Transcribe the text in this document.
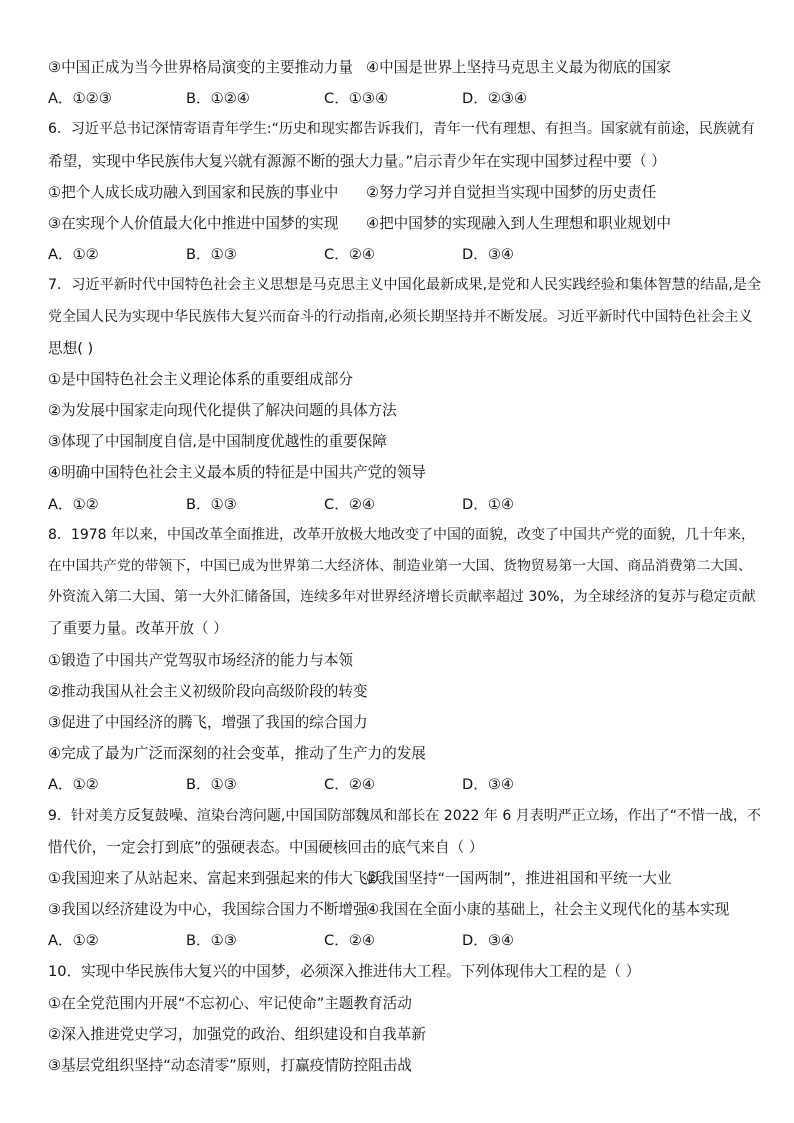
③中国正成为当今世界格局演变的主要推动力量 ④中国是世界上坚持马克思主义最为彻底的国家
A．①②③	B．①②④	C．①③④	D．②③④
6．习近平总书记深情寄语青年学生:“历史和现实都告诉我们，青年一代有理想、有担当。国家就有前途，民族就有
希望，实现中华民族伟大复兴就有源源不断的强大力量。”启示青少年在实现中国梦过程中要（ ）
①把个人成长成功融入到国家和民族的事业中	②努力学习并自觉担当实现中国梦的历史责任
③在实现个人价值最大化中推进中国梦的实现	④把中国梦的实现融入到人生理想和职业规划中
A．①②	B．①③	C．②④	D．③④
7．习近平新时代中国特色社会主义思想是马克思主义中国化最新成果,是党和人民实践经验和集体智慧的结晶,是全
党全国人民为实现中华民族伟大复兴而奋斗的行动指南,必须长期坚持并不断发展。习近平新时代中国特色社会主义
思想( )
①是中国特色社会主义理论体系的重要组成部分
②为发展中国家走向现代化提供了解决问题的具体方法
③体现了中国制度自信,是中国制度优越性的重要保障
④明确中国特色社会主义最本质的特征是中国共产党的领导
A．①②	B．①③	C．②④	D．①④
8．1978 年以来，中国改革全面推进，改革开放极大地改变了中国的面貌，改变了中国共产党的面貌，几十年来，
在中国共产党的带领下，中国已成为世界第二大经济体、制造业第一大国、货物贸易第一大国、商品消费第二大国、
外资流入第二大国、第一大外汇储备国，连续多年对世界经济增长贡献率超过 30%，为全球经济的复苏与稳定贡献
了重要力量。改革开放（ ）
①锻造了中国共产党驾驭市场经济的能力与本领
②推动我国从社会主义初级阶段向高级阶段的转变
③促进了中国经济的腾飞，增强了我国的综合国力
④完成了最为广泛而深刻的社会变革，推动了生产力的发展
A．①②	B．①③	C．②④	D．③④
9．针对美方反复鼓噪、渲染台湾问题,中国国防部魏凤和部长在 2022 年 6 月表明严正立场，作出了“不惜一战，不
惜代价，一定会打到底”的强硬表态。中国硬核回击的底气来自（ ）
①我国迎来了从站起来、富起来到强起来的伟大飞跃
②我国坚持“一国两制”，推进祖国和平统一大业
③我国以经济建设为中心，我国综合国力不断增强
④我国在全面小康的基础上，社会主义现代化的基本实现
A．①②	B．①③	C．②④	D．③④
10．实现中华民族伟大复兴的中国梦，必须深入推进伟大工程。下列体现伟大工程的是（ ）
①在全党范围内开展“不忘初心、牢记使命”主题教育活动
②深入推进党史学习，加强党的政治、组织建设和自我革新
③基层党组织坚持“动态清零”原则，打赢疫情防控阻击战
